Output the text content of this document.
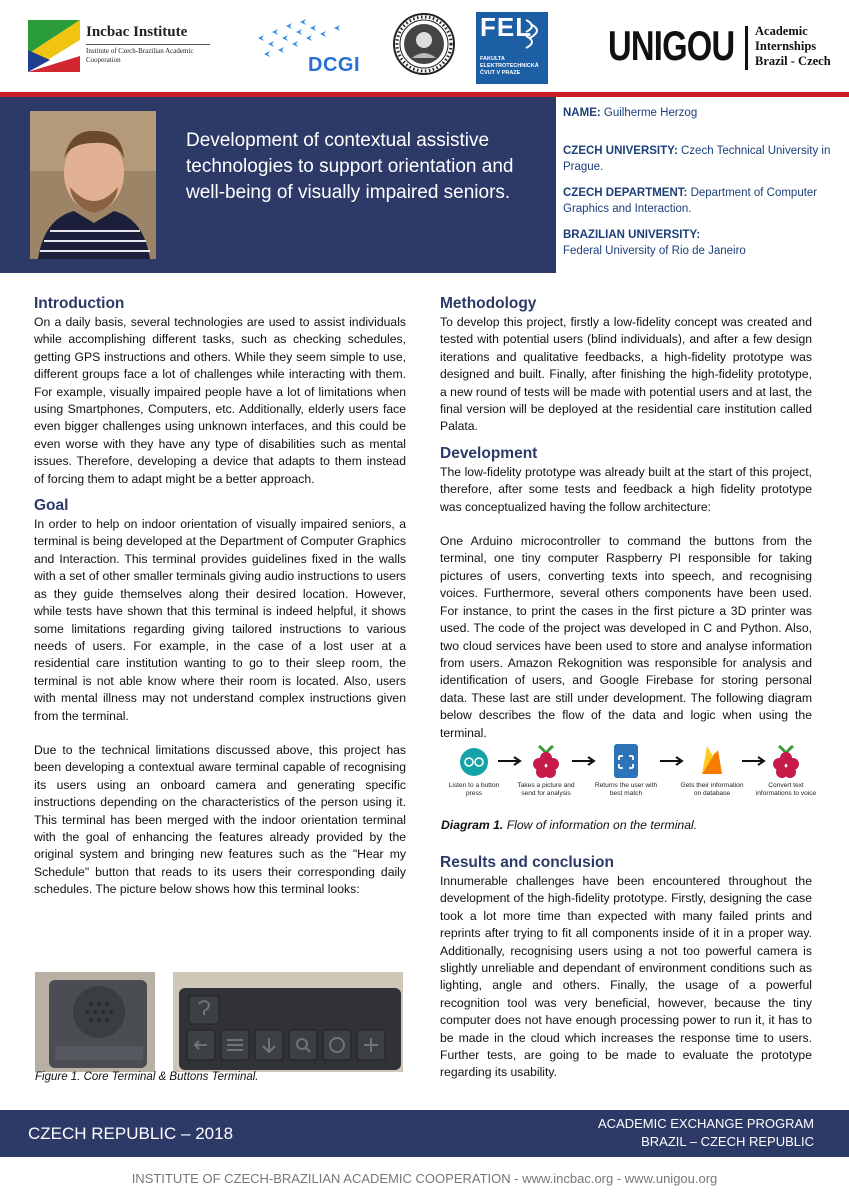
Incbac Institute
Institute of Czech-Brazilian Academic Cooperation	DCGI
FEL
FAKULTA ELEKTROTECHNICKÁ ČVUT V PRAZE
UNIGOU Academic Internships Brazil - Czech
Development of contextual assistive technologies to support orientation and well-being of visually impaired seniors.

NAME: Guilherme Herzog

CZECH UNIVERSITY: Czech Technical University in Prague.

CZECH DEPARTMENT: Department of Computer Graphics and Interaction.

BRAZILIAN UNIVERSITY:
Federal University of Rio de Janeiro

Introduction

On a daily basis, several technologies are used to assist individuals while accomplishing different tasks, such as checking schedules, getting GPS instructions and others. While they seem simple to use, different groups face a lot of challenges while interacting with them. For example, visually impaired people have a lot of limitations when using Smartphones, Computers, etc. Additionally, elderly users face even bigger challenges using unknown interfaces, and this could be even worse with they have any type of disabilities such as mental issues. Therefore, developing a device that adapts to them instead of forcing them to adapt might be a better approach.

Goal

In order to help on indoor orientation of visually impaired seniors, a terminal is being developed at the Department of Computer Graphics and Interaction. This terminal provides guidelines fixed in the walls with a set of other smaller terminals giving audio instructions to users as they guide themselves along their desired location. However, while tests have shown that this terminal is indeed helpful, it shows some limitations regarding giving tailored instructions to various needs of users. For example, in the case of a lost user at a residential care institution wanting to go to their sleep room, the terminal is not able know where their room is located. Also, users with mental illness may not understand complex instructions given from the terminal.

Due to the technical limitations discussed above, this project has been developing a contextual aware terminal capable of recognising its users using an onboard camera and generating specific instructions depending on the characteristics of the person using it. This terminal has been merged with the indoor orientation terminal with the goal of enhancing the features already provided by the original system and bringing new features such as the "Hear my Schedule" button that reads to its users their corresponding daily schedules. The picture below shows how this terminal looks:

Figure 1. Core Terminal & Buttons Terminal.
Methodology

To develop this project, firstly a low-fidelity concept was created and tested with potential users (blind individuals), and after a few design iterations and qualitative feedbacks, a high-fidelity prototype was designed and built. Finally, after finishing the high-fidelity prototype, a new round of tests will be made with potential users and at last, the final version will be deployed at the residential care institution called Palata.

Development

The low-fidelity prototype was already built at the start of this project, therefore, after some tests and feedback a high fidelity prototype was conceptualized having the follow architecture:

One Arduino microcontroller to command the buttons from the terminal, one tiny computer Raspberry PI responsible for taking pictures of users, converting texts into speech, and recognising voices. Furthermore, several others components have been used. For instance, to print the cases in the first picture a 3D printer was used. The code of the project was developed in C and Python. Also, two cloud services have been used to store and analyse information from users. Amazon Rekognition was responsible for analysis and identification of users, and Google Firebase for storing personal data. These last are still under development. The following diagram below describes the flow of the data and logic when using the terminal.

Listen to a button press
Takes a picture and send for analysis
Returns the user with best match
Gets their information on database
Convert text informations to voice
Diagram 1. Flow of information on the terminal.
Results and conclusion

Innumerable challenges have been encountered throughout the development of the high-fidelity prototype. Firstly, designing the case took a lot more time than expected with many failed prints and reprints after trying to fit all components inside of it in a proper way. Additionally, recognising users using a not too powerful camera is slightly unreliable and dependant of environment conditions such as lighting, angle and others. Finally, the usage of a powerful recognition tool was very beneficial, however, because the tiny computer does not have enough processing power to run it, it has to be made in the cloud which increases the response time to users. Further tests, are going to be made to evaluate the prototype regarding its usability.

CZECH REPUBLIC – 2018
ACADEMIC EXCHANGE PROGRAM
BRAZIL – CZECH REPUBLIC
INSTITUTE OF CZECH-BRAZILIAN ACADEMIC COOPERATION - www.incbac.org - www.unigou.org
